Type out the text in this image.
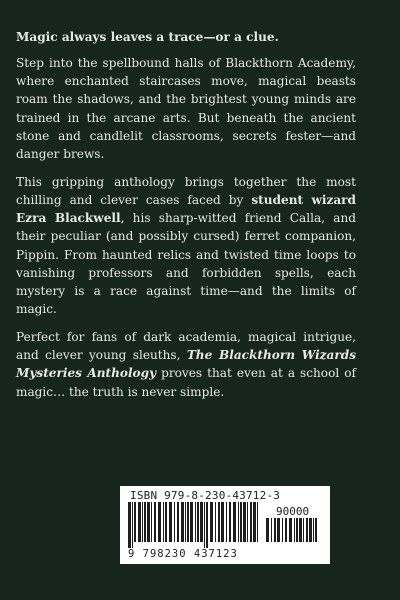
Magic always leaves a trace—or a clue.

Step into the spellbound halls of Blackthorn Academy, where enchanted staircases move, magical beasts roam the shadows, and the brightest young minds are trained in the arcane arts. But beneath the ancient stone and candlelit classrooms, secrets fester—and danger brews.

This gripping anthology brings together the most chilling and clever cases faced by student wizard Ezra Blackwell, his sharp-witted friend Calla, and their peculiar (and possibly cursed) ferret companion, Pippin. From haunted relics and twisted time loops to vanishing professors and forbidden spells, each mystery is a race against time—and the limits of magic.

Perfect for fans of dark academia, magical intrigue, and clever young sleuths, The Blackthorn Wizards Mysteries Anthology proves that even at a school of magic… the truth is never simple.

ISBN 979-8-230-43712-3
90000
9 798230 437123
